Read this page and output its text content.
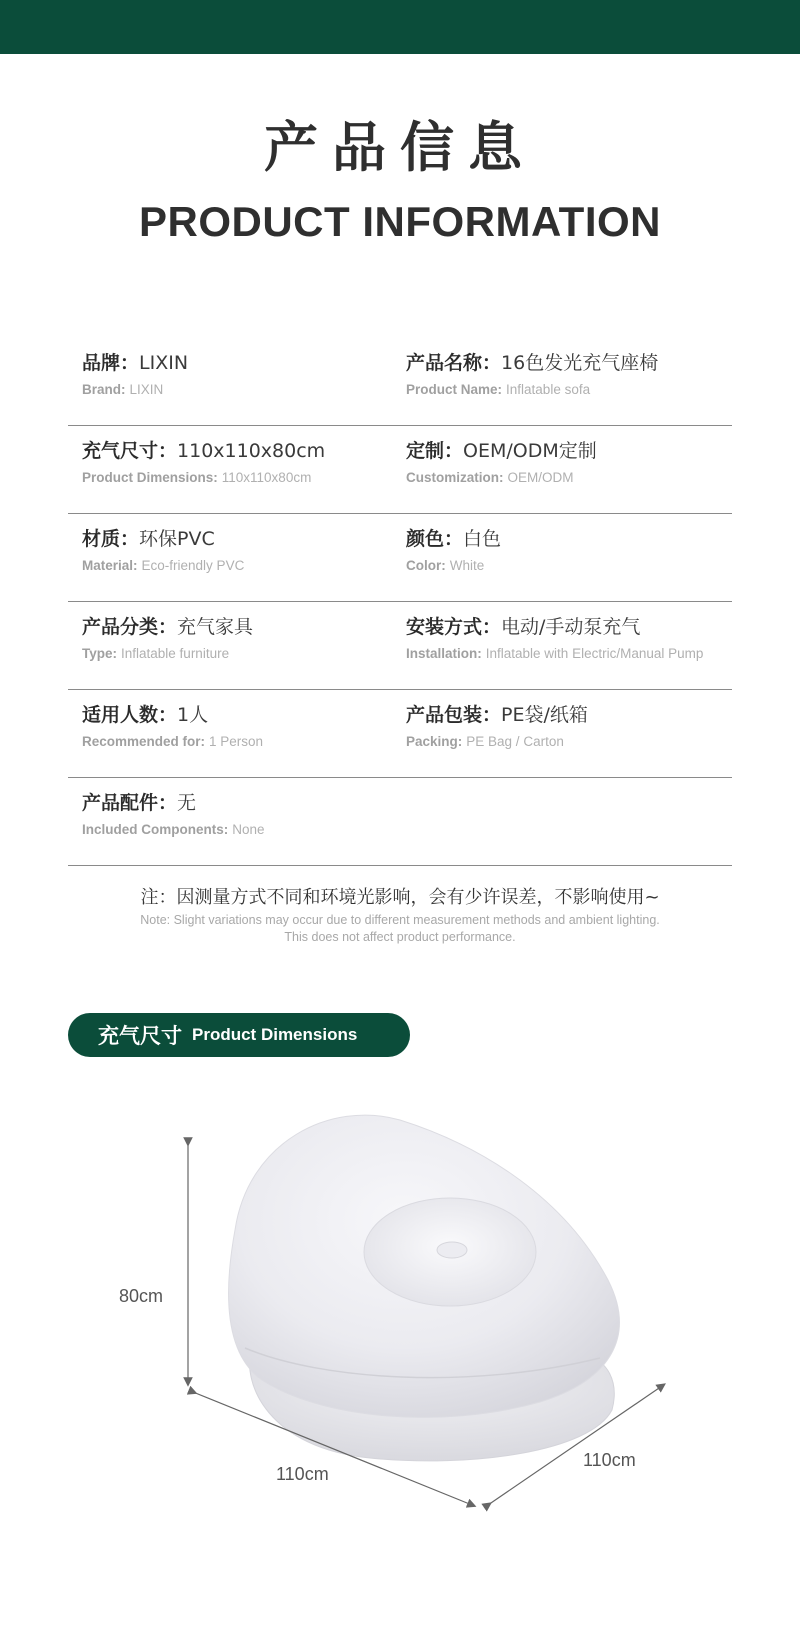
产品信息
PRODUCT INFORMATION
品牌：LIXIN
Brand: LIXIN
产品名称：16色发光充气座椅
Product Name: Inflatable sofa
充气尺寸：110x110x80cm
Product Dimensions: 110x110x80cm
定制：OEM/ODM定制
Customization: OEM/ODM
材质：环保PVC
Material: Eco-friendly PVC
颜色：白色
Color: White
产品分类：充气家具
Type: Inflatable furniture
安装方式：电动/手动泵充气
Installation: Inflatable with Electric/Manual Pump
适用人数：1人
Recommended for: 1 Person
产品包装：PE袋/纸箱
Packing: PE Bag / Carton
产品配件：无
Included Components: None
注：因测量方式不同和环境光影响，会有少许误差，不影响使用~
Note: Slight variations may occur due to different measurement methods and ambient lighting.
This does not affect product performance.
充气尺寸 Product Dimensions
80cm
110cm
110cm
